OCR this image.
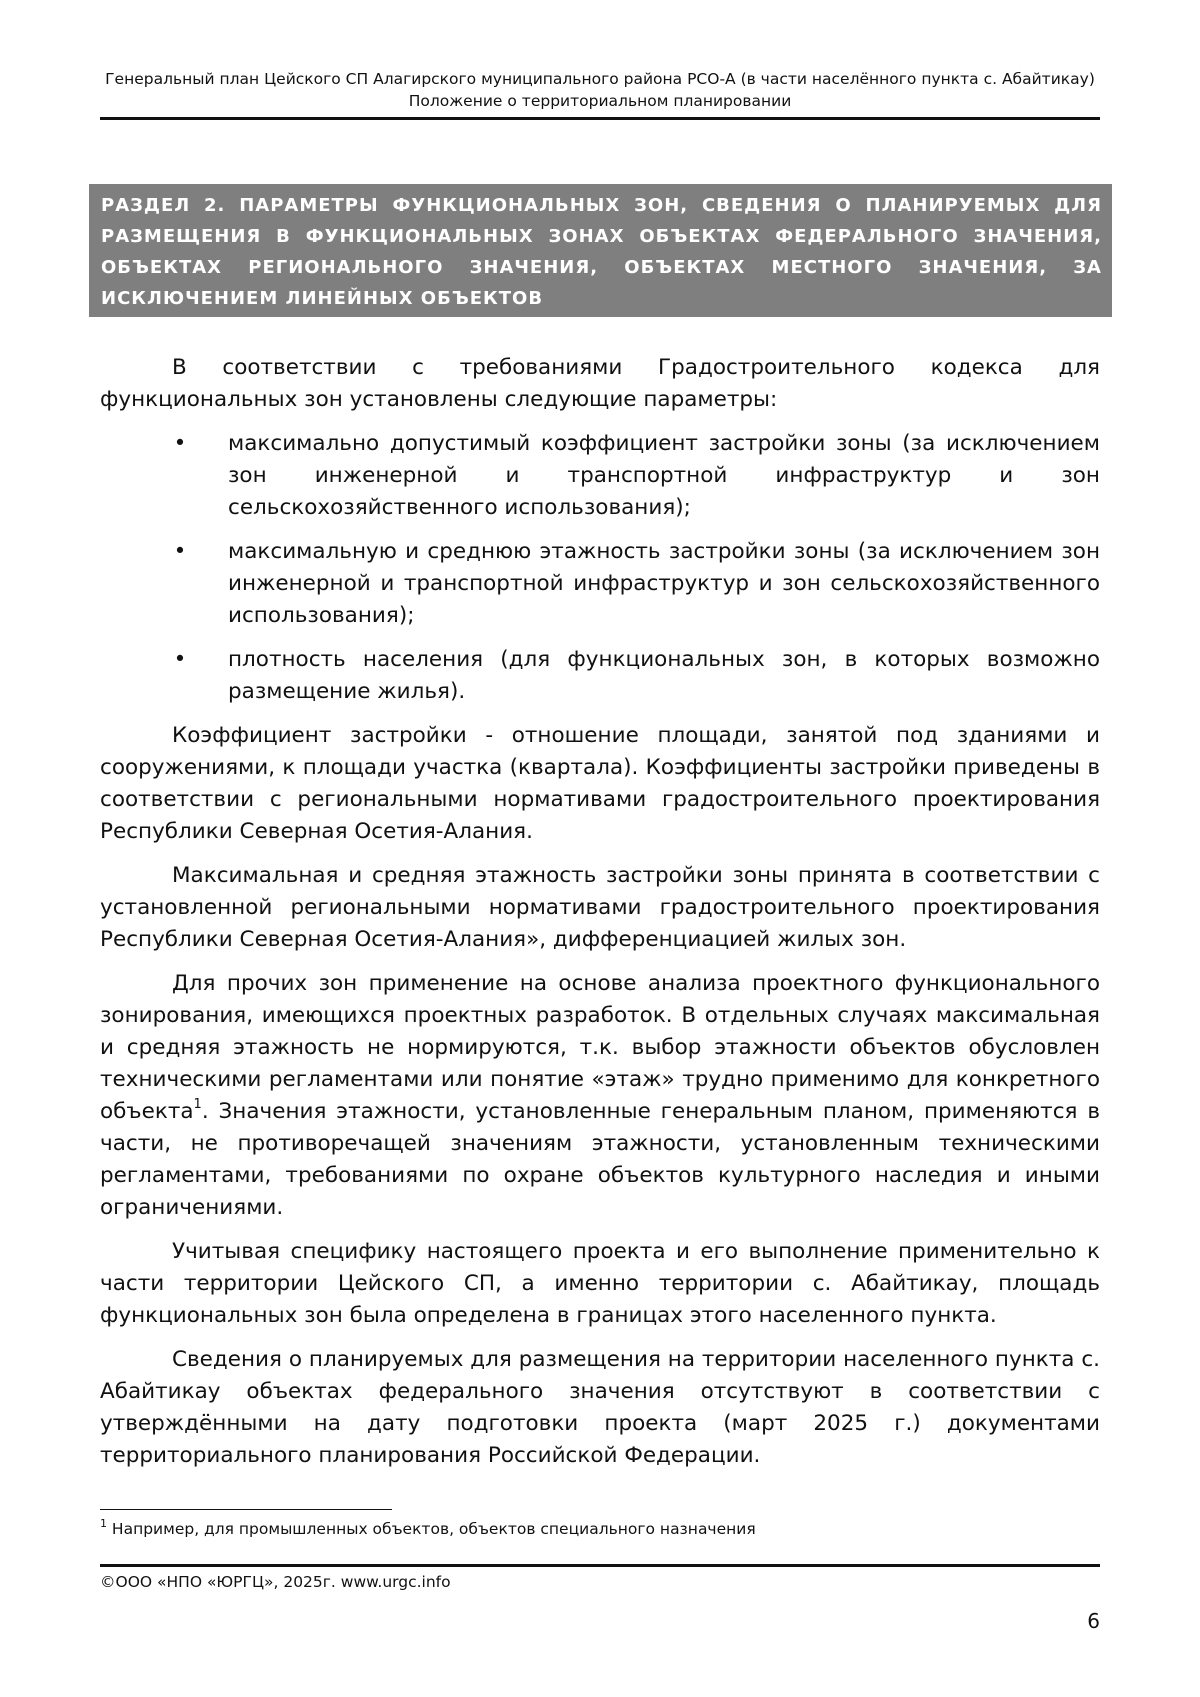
Генеральный план Цейского СП Алагирского муниципального района РСО-А (в части населённого пункта с. Абайтикау)
Положение о территориальном планировании

РАЗДЕЛ 2. ПАРАМЕТРЫ ФУНКЦИОНАЛЬНЫХ ЗОН, СВЕДЕНИЯ О ПЛАНИРУЕМЫХ ДЛЯ РАЗМЕЩЕНИЯ В ФУНКЦИОНАЛЬНЫХ ЗОНАХ ОБЪЕКТАХ ФЕДЕРАЛЬНОГО ЗНАЧЕНИЯ, ОБЪЕКТАХ РЕГИОНАЛЬНОГО ЗНАЧЕНИЯ, ОБЪЕКТАХ МЕСТНОГО ЗНАЧЕНИЯ, ЗА ИСКЛЮЧЕНИЕМ ЛИНЕЙНЫХ ОБЪЕКТОВ

В соответствии с требованиями Градостроительного кодекса для функциональных зон установлены следующие параметры:

• максимально допустимый коэффициент застройки зоны (за исключением зон инженерной и транспортной инфраструктур и зон сельскохозяйственного использования);
• максимальную и среднюю этажность застройки зоны (за исключением зон инженерной и транспортной инфраструктур и зон сельскохозяйственного использования);
• плотность населения (для функциональных зон, в которых возможно размещение жилья).

Коэффициент застройки - отношение площади, занятой под зданиями и сооружениями, к площади участка (квартала). Коэффициенты застройки приведены в соответствии с региональными нормативами градостроительного проектирования Республики Северная Осетия-Алания.

Максимальная и средняя этажность застройки зоны принята в соответствии с установленной региональными нормативами градостроительного проектирования Республики Северная Осетия-Алания», дифференциацией жилых зон.

Для прочих зон применение на основе анализа проектного функционального зонирования, имеющихся проектных разработок. В отдельных случаях максимальная и средняя этажность не нормируются, т.к. выбор этажности объектов обусловлен техническими регламентами или понятие «этаж» трудно применимо для конкретного объекта$^1$. Значения этажности, установленные генеральным планом, применяются в части, не противоречащей значениям этажности, установленным техническими регламентами, требованиями по охране объектов культурного наследия и иными ограничениями.

Учитывая специфику настоящего проекта и его выполнение применительно к части территории Цейского СП, а именно территории с. Абайтикау, площадь функциональных зон была определена в границах этого населенного пункта.

Сведения о планируемых для размещения на территории населенного пункта с. Абайтикау объектах федерального значения отсутствуют в соответствии с утверждёнными на дату подготовки проекта (март 2025 г.) документами территориального планирования Российской Федерации.

$^1$ Например, для промышленных объектов, объектов специального назначения
©ООО «НПО «ЮРГЦ», 2025г. www.urgc.info
6
